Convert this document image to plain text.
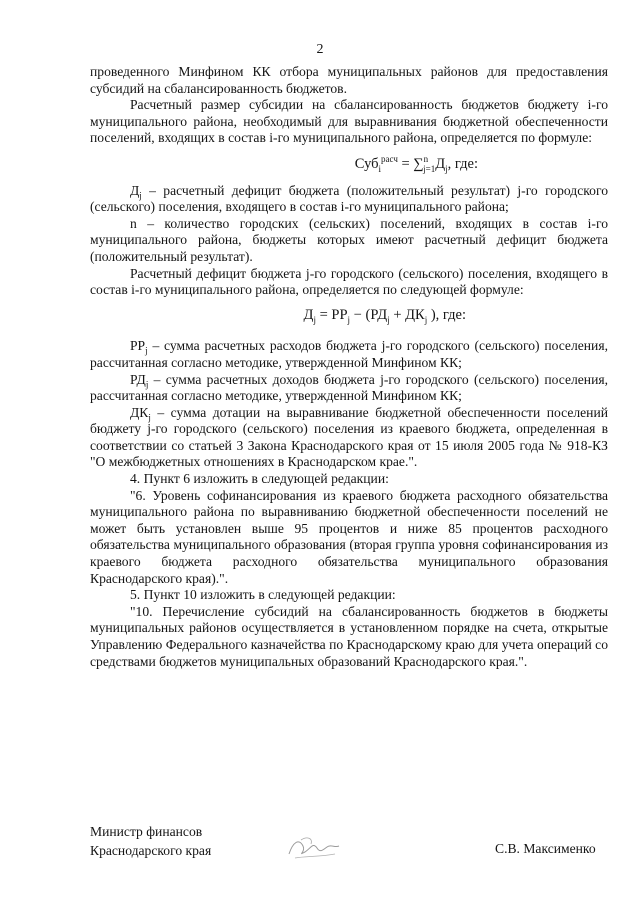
2

проведенного Минфином КК отбора муниципальных районов для предоставления субсидий на сбалансированность бюджетов.

Расчетный размер субсидии на сбалансированность бюджетов бюджету i-го муниципального района, необходимый для выравнивания бюджетной обеспеченности поселений, входящих в состав i-го муниципального района, определяется по формуле:

$Суб_i^{расч} = \sum^n_{j=1}Д_j$, где:

$Д_j$ – расчетный дефицит бюджета (положительный результат) j-го городского (сельского) поселения, входящего в состав i-го муниципального района;

n – количество городских (сельских) поселений, входящих в состав i-го муниципального района, бюджеты которых имеют расчетный дефицит бюджета (положительный результат).

Расчетный дефицит бюджета j-го городского (сельского) поселения, входящего в состав i-го муниципального района, определяется по следующей формуле:

$Д_j = РР_j - (РД_j + ДК_j$ ), где:

$РР_j$ – сумма расчетных расходов бюджета j-го городского (сельского) поселения, рассчитанная согласно методике, утвержденной Минфином КК;

$РД_j$ – сумма расчетных доходов бюджета j-го городского (сельского) поселения, рассчитанная согласно методике, утвержденной Минфином КК;

$ДК_j$ – сумма дотации на выравнивание бюджетной обеспеченности поселений бюджету j-го городского (сельского) поселения из краевого бюджета, определенная в соответствии со статьей 3 Закона Краснодарского края от 15 июля 2005 года № 918-КЗ "О межбюджетных отношениях в Краснодарском крае.".

4. Пункт 6 изложить в следующей редакции:

"6. Уровень софинансирования из краевого бюджета расходного обязательства муниципального района по выравниванию бюджетной обеспеченности поселений не может быть установлен выше 95 процентов и ниже 85 процентов расходного обязательства муниципального образования (вторая группа уровня софинансирования из краевого бюджета расходного обязательства муниципального образования Краснодарского края).".

5. Пункт 10 изложить в следующей редакции:

"10. Перечисление субсидий на сбалансированность бюджетов в бюджеты муниципальных районов осуществляется в установленном порядке на счета, открытые Управлению Федерального казначейства по Краснодарскому краю для учета операций со средствами бюджетов муниципальных образований Краснодарского края.".

Министр финансов
Краснодарского края	С.В. Максименко
